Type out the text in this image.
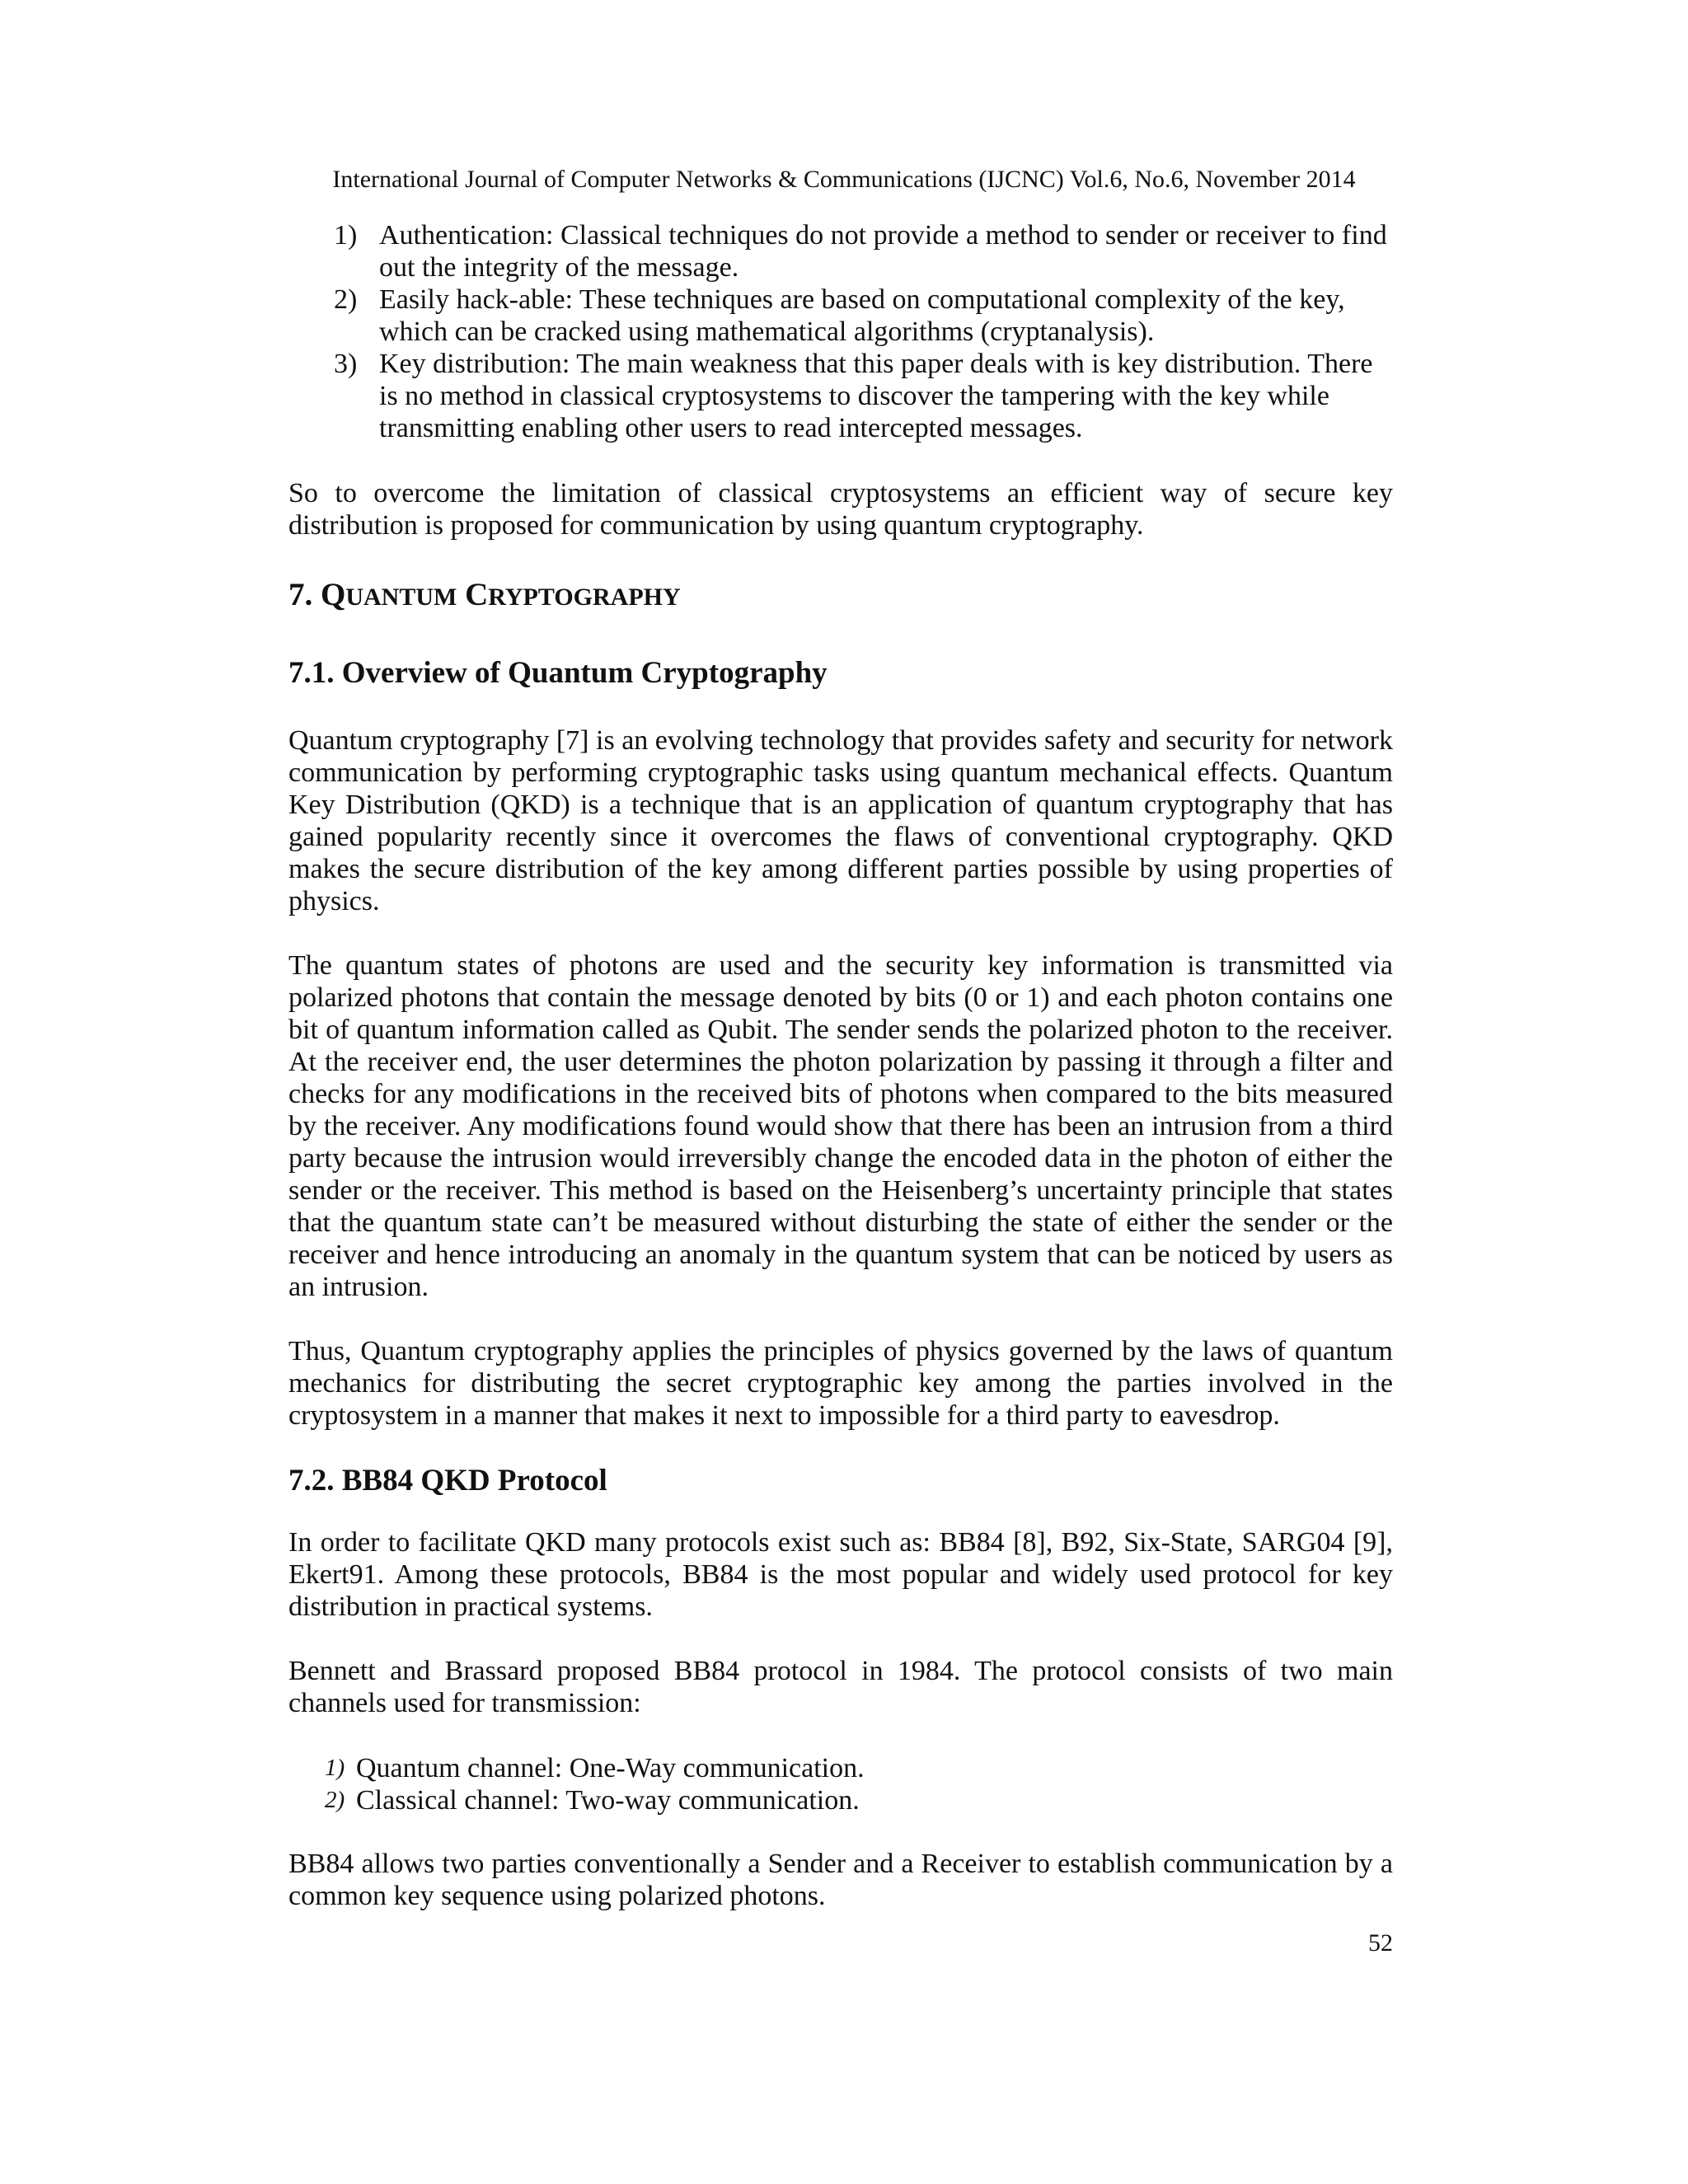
International Journal of Computer Networks & Communications (IJCNC) Vol.6, No.6, November 2014
1) Authentication: Classical techniques do not provide a method to sender or receiver to find out the integrity of the message.
2) Easily hack-able: These techniques are based on computational complexity of the key, which can be cracked using mathematical algorithms (cryptanalysis).
3) Key distribution: The main weakness that this paper deals with is key distribution. There is no method in classical cryptosystems to discover the tampering with the key while transmitting enabling other users to read intercepted messages.

So to overcome the limitation of classical cryptosystems an efficient way of secure key distribution is proposed for communication by using quantum cryptography.

7. QUANTUM CRYPTOGRAPHY
7.1. Overview of Quantum Cryptography

Quantum cryptography [7] is an evolving technology that provides safety and security for network communication by performing cryptographic tasks using quantum mechanical effects. Quantum Key Distribution (QKD) is a technique that is an application of quantum cryptography that has gained popularity recently since it overcomes the flaws of conventional cryptography. QKD makes the secure distribution of the key among different parties possible by using properties of physics.

The quantum states of photons are used and the security key information is transmitted via polarized photons that contain the message denoted by bits (0 or 1) and each photon contains one bit of quantum information called as Qubit. The sender sends the polarized photon to the receiver. At the receiver end, the user determines the photon polarization by passing it through a filter and checks for any modifications in the received bits of photons when compared to the bits measured by the receiver. Any modifications found would show that there has been an intrusion from a third party because the intrusion would irreversibly change the encoded data in the photon of either the sender or the receiver. This method is based on the Heisenberg’s uncertainty principle that states that the quantum state can’t be measured without disturbing the state of either the sender or the receiver and hence introducing an anomaly in the quantum system that can be noticed by users as an intrusion.

Thus, Quantum cryptography applies the principles of physics governed by the laws of quantum mechanics for distributing the secret cryptographic key among the parties involved in the cryptosystem in a manner that makes it next to impossible for a third party to eavesdrop.

7.2. BB84 QKD Protocol

In order to facilitate QKD many protocols exist such as: BB84 [8], B92, Six-State, SARG04 [9], Ekert91. Among these protocols, BB84 is the most popular and widely used protocol for key distribution in practical systems.

Bennett and Brassard proposed BB84 protocol in 1984. The protocol consists of two main channels used for transmission:

1) Quantum channel: One-Way communication.
2) Classical channel: Two-way communication.

BB84 allows two parties conventionally a Sender and a Receiver to establish communication by a common key sequence using polarized photons.

52
